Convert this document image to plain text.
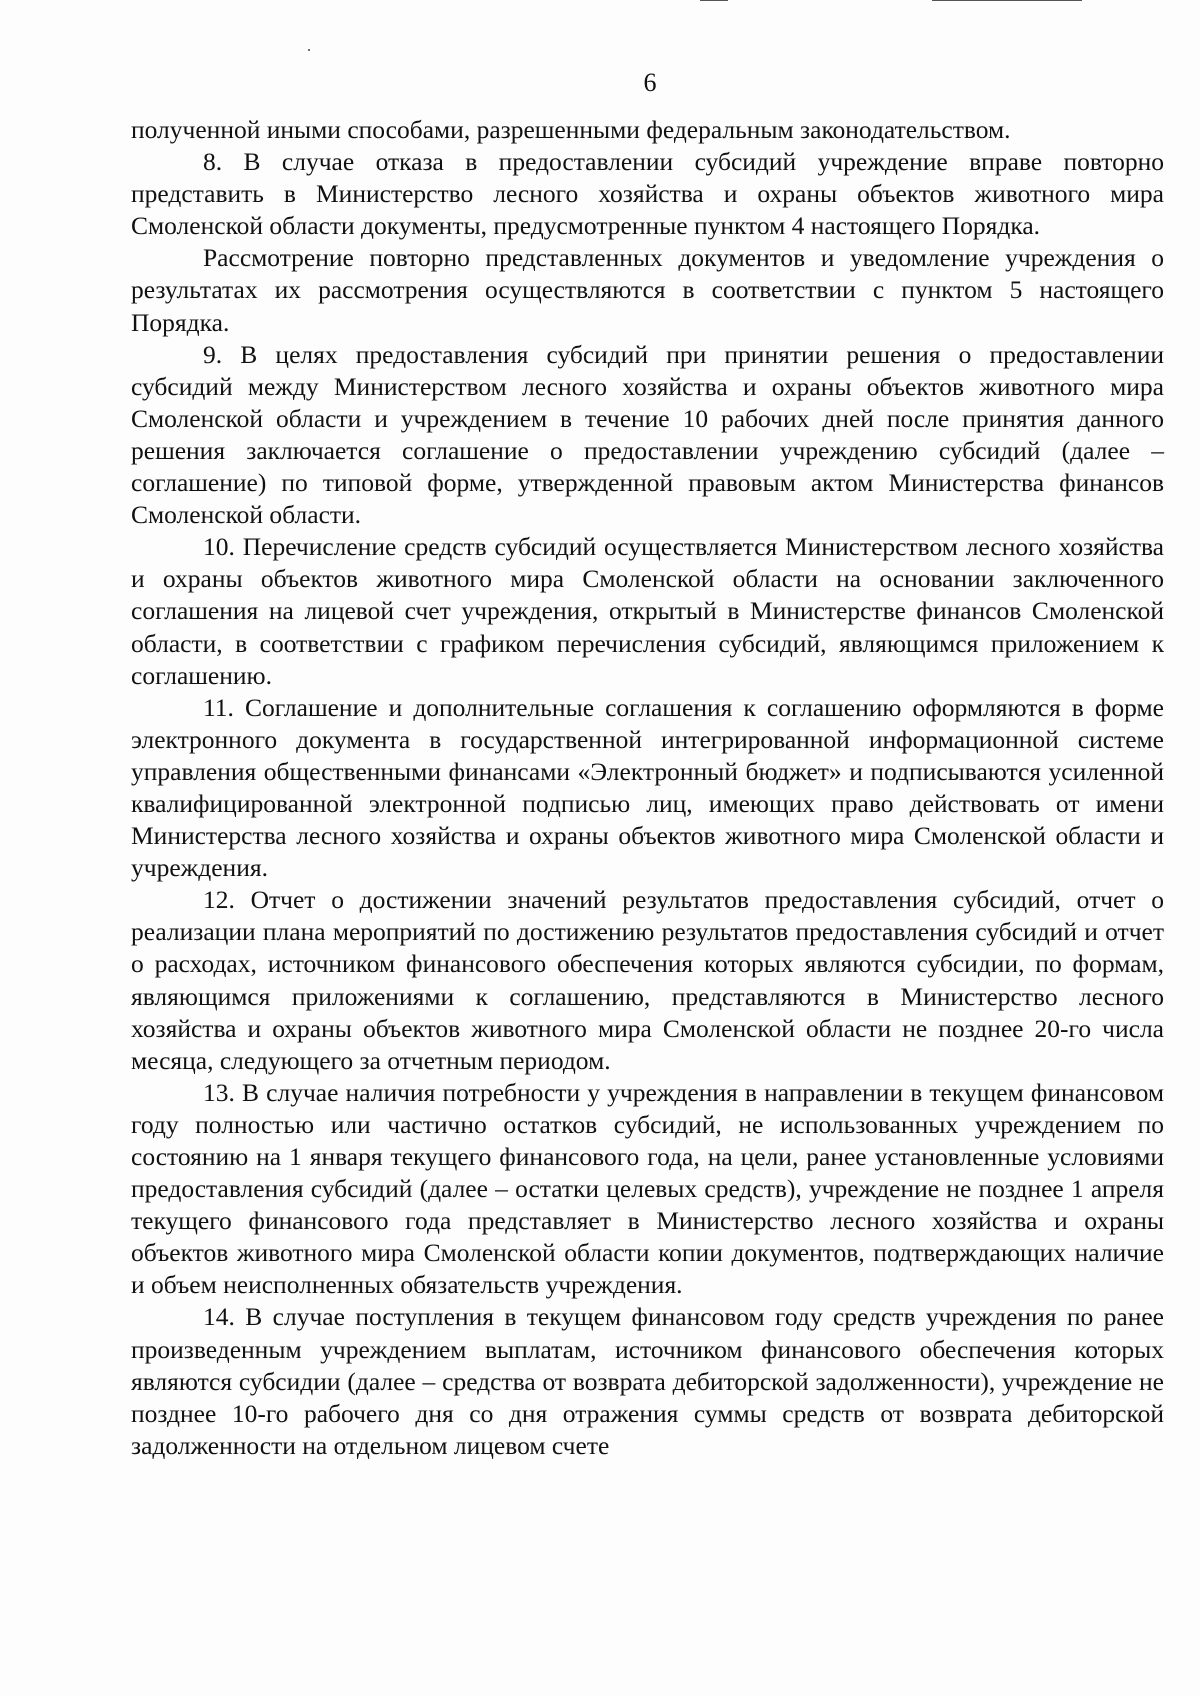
6

полученной иными способами, разрешенными федеральным законодательством.

8. В случае отказа в предоставлении субсидий учреждение вправе повторно представить в Министерство лесного хозяйства и охраны объектов животного мира Смоленской области документы, предусмотренные пунктом 4 настоящего Порядка.

Рассмотрение повторно представленных документов и уведомление учреждения о результатах их рассмотрения осуществляются в соответствии с пунктом 5 настоящего Порядка.

9. В целях предоставления субсидий при принятии решения о предоставлении субсидий между Министерством лесного хозяйства и охраны объектов животного мира Смоленской области и учреждением в течение 10 рабочих дней после принятия данного решения заключается соглашение о предоставлении учреждению субсидий (далее – соглашение) по типовой форме, утвержденной правовым актом Министерства финансов Смоленской области.

10. Перечисление средств субсидий осуществляется Министерством лесного хозяйства и охраны объектов животного мира Смоленской области на основании заключенного соглашения на лицевой счет учреждения, открытый в Министерстве финансов Смоленской области, в соответствии с графиком перечисления субсидий, являющимся приложением к соглашению.

11. Соглашение и дополнительные соглашения к соглашению оформляются в форме электронного документа в государственной интегрированной информационной системе управления общественными финансами «Электронный бюджет» и подписываются усиленной квалифицированной электронной подписью лиц, имеющих право действовать от имени Министерства лесного хозяйства и охраны объектов животного мира Смоленской области и учреждения.

12. Отчет о достижении значений результатов предоставления субсидий, отчет о реализации плана мероприятий по достижению результатов предоставления субсидий и отчет о расходах, источником финансового обеспечения которых являются субсидии, по формам, являющимся приложениями к соглашению, представляются в Министерство лесного хозяйства и охраны объектов животного мира Смоленской области не позднее 20-го числа месяца, следующего за отчетным периодом.

13. В случае наличия потребности у учреждения в направлении в текущем финансовом году полностью или частично остатков субсидий, не использованных учреждением по состоянию на 1 января текущего финансового года, на цели, ранее установленные условиями предоставления субсидий (далее – остатки целевых средств), учреждение не позднее 1 апреля текущего финансового года представляет в Министерство лесного хозяйства и охраны объектов животного мира Смоленской области копии документов, подтверждающих наличие и объем неисполненных обязательств учреждения.

14. В случае поступления в текущем финансовом году средств учреждения по ранее произведенным учреждением выплатам, источником финансового обеспечения которых являются субсидии (далее – средства от возврата дебиторской задолженности), учреждение не позднее 10-го рабочего дня со дня отражения суммы средств от возврата дебиторской задолженности на отдельном лицевом счете
